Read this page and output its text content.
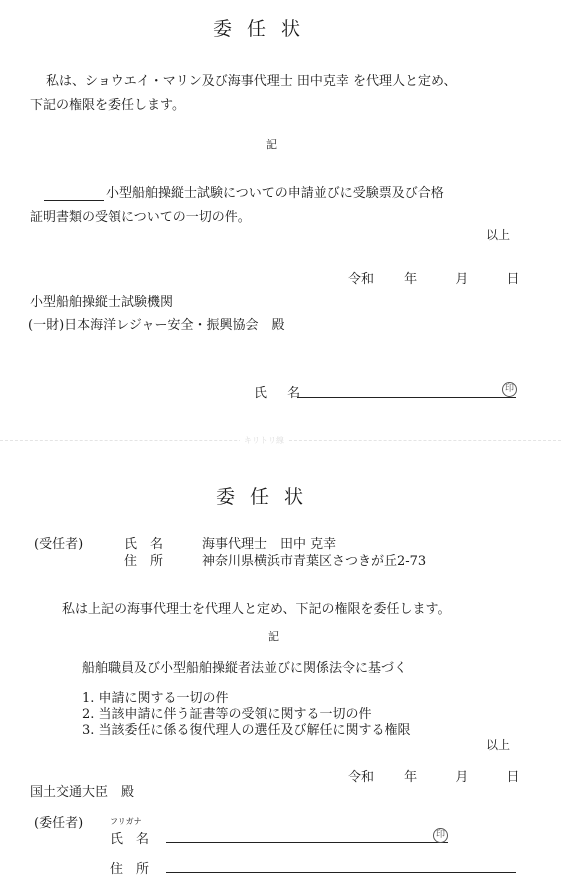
委任状
私は、ショウエイ・マリン及び海事代理士 田中克幸 を代理人と定め、
下記の権限を委任します。
記
小型船舶操縦士試験についての申請並びに受験票及び合格
証明書類の受領についての一切の件。
以上
令和 年	月	日
小型船舶操縦士試験機関
(一財)日本海洋レジャー安全・振興協会　殿
氏 名	印
キリトリ線
委任状
(受任者)	氏　名	海事代理士　田中 克幸
住　所	神奈川県横浜市青葉区さつきが丘2-73
私は上記の海事代理士を代理人と定め、下記の権限を委任します。
記
船舶職員及び小型船舶操縦者法並びに関係法令に基づく
1. 申請に関する一切の件
2. 当該申請に伴う証書等の受領に関する一切の件
3. 当該委任に係る復代理人の選任及び解任に関する権限
以上
令和 年	月	日
国土交通大臣　殿
(委任者)	フリガナ
氏　名	印
住　所
